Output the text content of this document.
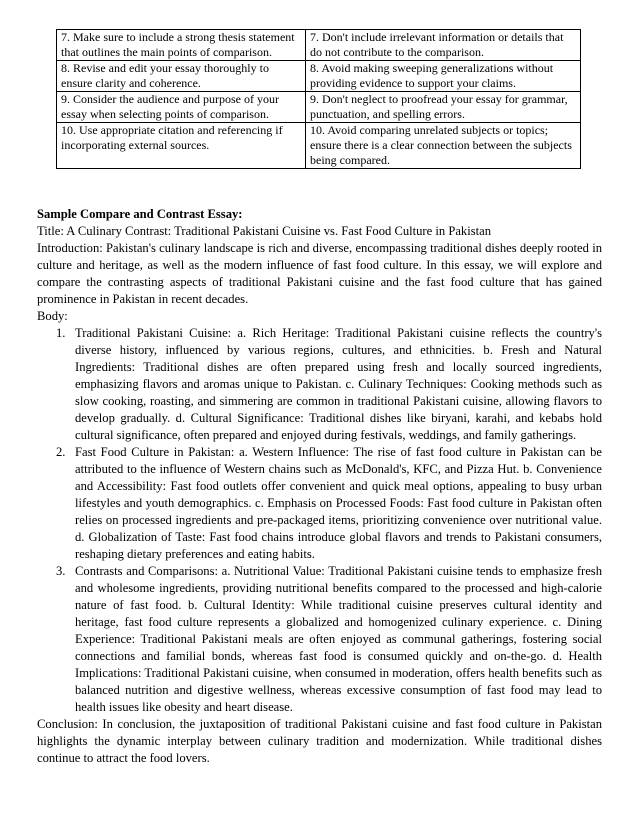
7. Make sure to include a strong thesis statement that outlines the main points of comparison.	7. Don't include irrelevant information or details that do not contribute to the comparison.
8. Revise and edit your essay thoroughly to ensure clarity and coherence.	8. Avoid making sweeping generalizations without providing evidence to support your claims.
9. Consider the audience and purpose of your essay when selecting points of comparison.	9. Don't neglect to proofread your essay for grammar, punctuation, and spelling errors.
10. Use appropriate citation and referencing if incorporating external sources.	10. Avoid comparing unrelated subjects or topics; ensure there is a clear connection between the subjects being compared.

Sample Compare and Contrast Essay:

Title: A Culinary Contrast: Traditional Pakistani Cuisine vs. Fast Food Culture in Pakistan

Introduction: Pakistan's culinary landscape is rich and diverse, encompassing traditional dishes deeply rooted in culture and heritage, as well as the modern influence of fast food culture. In this essay, we will explore and compare the contrasting aspects of traditional Pakistani cuisine and the fast food culture that has gained prominence in Pakistan in recent decades.

Body:

1. Traditional Pakistani Cuisine: a. Rich Heritage: Traditional Pakistani cuisine reflects the country's diverse history, influenced by various regions, cultures, and ethnicities. b. Fresh and Natural Ingredients: Traditional dishes are often prepared using fresh and locally sourced ingredients, emphasizing flavors and aromas unique to Pakistan. c. Culinary Techniques: Cooking methods such as slow cooking, roasting, and simmering are common in traditional Pakistani cuisine, allowing flavors to develop gradually. d. Cultural Significance: Traditional dishes like biryani, karahi, and kebabs hold cultural significance, often prepared and enjoyed during festivals, weddings, and family gatherings.
2. Fast Food Culture in Pakistan: a. Western Influence: The rise of fast food culture in Pakistan can be attributed to the influence of Western chains such as McDonald's, KFC, and Pizza Hut. b. Convenience and Accessibility: Fast food outlets offer convenient and quick meal options, appealing to busy urban lifestyles and youth demographics. c. Emphasis on Processed Foods: Fast food culture in Pakistan often relies on processed ingredients and pre-packaged items, prioritizing convenience over nutritional value. d. Globalization of Taste: Fast food chains introduce global flavors and trends to Pakistani consumers, reshaping dietary preferences and eating habits.
3. Contrasts and Comparisons: a. Nutritional Value: Traditional Pakistani cuisine tends to emphasize fresh and wholesome ingredients, providing nutritional benefits compared to the processed and high-calorie nature of fast food. b. Cultural Identity: While traditional cuisine preserves cultural identity and heritage, fast food culture represents a globalized and homogenized culinary experience. c. Dining Experience: Traditional Pakistani meals are often enjoyed as communal gatherings, fostering social connections and familial bonds, whereas fast food is consumed quickly and on-the-go. d. Health Implications: Traditional Pakistani cuisine, when consumed in moderation, offers health benefits such as balanced nutrition and digestive wellness, whereas excessive consumption of fast food may lead to health issues like obesity and heart disease.

Conclusion: In conclusion, the juxtaposition of traditional Pakistani cuisine and fast food culture in Pakistan highlights the dynamic interplay between culinary tradition and modernization. While traditional dishes continue to attract the food lovers.
